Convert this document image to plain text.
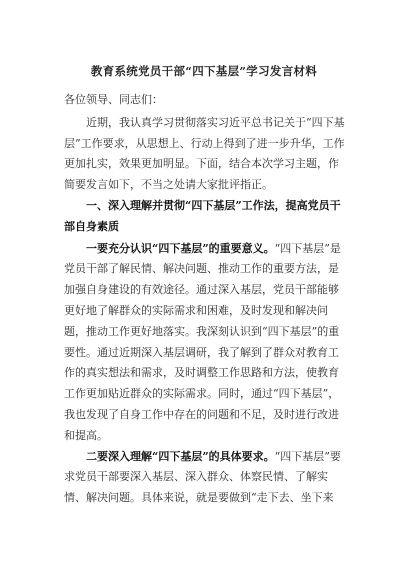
教育系统党员干部“四下基层”学习发言材料

各位领导、同志们：

近期，我认真学习贯彻落实习近平总书记关于“四下基层”工作要求，从思想上、行动上得到了进一步升华，工作更加扎实，效果更加明显。下面，结合本次学习主题，作简要发言如下，不当之处请大家批评指正。

一、深入理解并贯彻“四下基层”工作法，提高党员干部自身素质

一要充分认识“四下基层”的重要意义。“四下基层”是党员干部了解民情、解决问题、推动工作的重要方法，是加强自身建设的有效途径。通过深入基层，党员干部能够更好地了解群众的实际需求和困难，及时发现和解决问题，推动工作更好地落实。我深刻认识到“四下基层”的重要性。通过近期深入基层调研，我了解到了群众对教育工作的真实想法和需求，及时调整工作思路和方法，使教育工作更加贴近群众的实际需求。同时，通过“四下基层”，我也发现了自身工作中存在的问题和不足，及时进行改进和提高。

二要深入理解“四下基层”的具体要求。“四下基层”要求党员干部要深入基层、深入群众、体察民情、了解实情、解决问题。具体来说，就是要做到“走下去、坐下来
